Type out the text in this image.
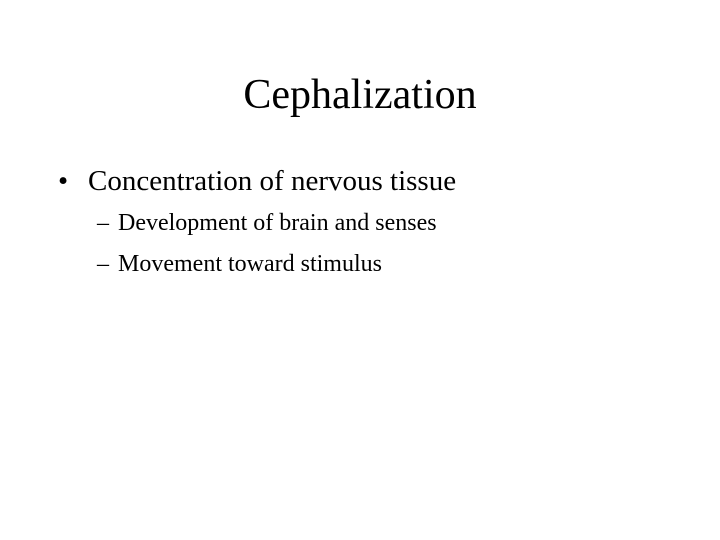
Cephalization
• Concentration of nervous tissue
– Development of brain and senses
– Movement toward stimulus
